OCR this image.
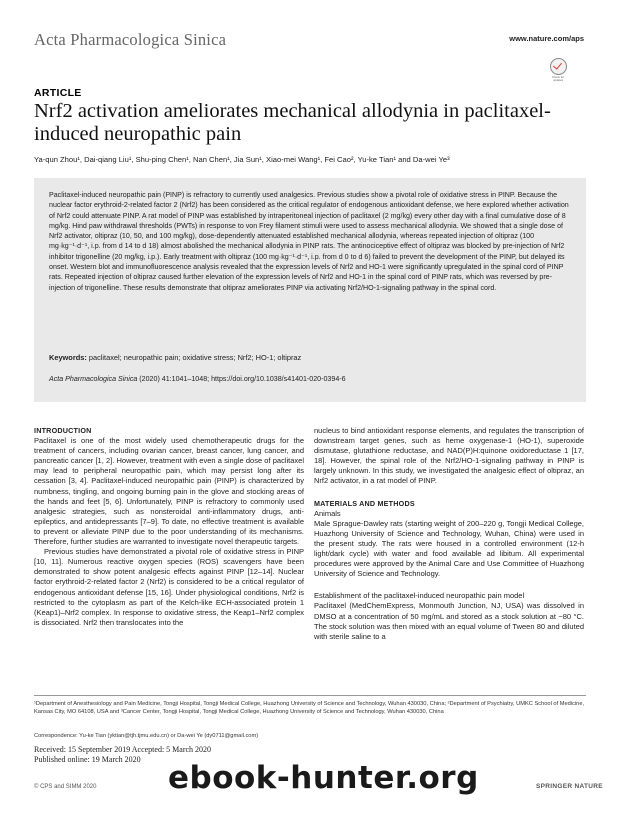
Acta Pharmacologica Sinica	www.nature.com/aps
Check for updates
ARTICLE
Nrf2 activation ameliorates mechanical allodynia in paclitaxel-induced neuropathic pain
Ya-qun Zhou¹, Dai-qiang Liu¹, Shu-ping Chen¹, Nan Chen¹, Jia Sun¹, Xiao-mei Wang¹, Fei Cao², Yu-ke Tian¹ and Da-wei Ye³

Paclitaxel-induced neuropathic pain (PINP) is refractory to currently used analgesics. Previous studies show a pivotal role of oxidative stress in PINP. Because the nuclear factor erythroid-2-related factor 2 (Nrf2) has been considered as the critical regulator of endogenous antioxidant defense, we here explored whether activation of Nrf2 could attenuate PINP. A rat model of PINP was established by intraperitoneal injection of paclitaxel (2 mg/kg) every other day with a final cumulative dose of 8 mg/kg. Hind paw withdrawal thresholds (PWTs) in response to von Frey filament stimuli were used to assess mechanical allodynia. We showed that a single dose of Nrf2 activator, oltipraz (10, 50, and 100 mg/kg), dose-dependently attenuated established mechanical allodynia, whereas repeated injection of oltipraz (100 mg·kg⁻¹·d⁻¹, i.p. from d 14 to d 18) almost abolished the mechanical allodynia in PINP rats. The antinociceptive effect of oltipraz was blocked by pre-injection of Nrf2 inhibitor trigonelline (20 mg/kg, i.p.). Early treatment with oltipraz (100 mg·kg⁻¹·d⁻¹, i.p. from d 0 to d 6) failed to prevent the development of the PINP, but delayed its onset. Western blot and immunofluorescence analysis revealed that the expression levels of Nrf2 and HO-1 were significantly upregulated in the spinal cord of PINP rats. Repeated injection of oltipraz caused further elevation of the expression levels of Nrf2 and HO-1 in the spinal cord of PINP rats, which was reversed by pre-injection of trigonelline. These results demonstrate that oltipraz ameliorates PINP via activating Nrf2/HO-1-signaling pathway in the spinal cord.

Keywords: paclitaxel; neuropathic pain; oxidative stress; Nrf2; HO-1; oltipraz

Acta Pharmacologica Sinica (2020) 41:1041–1048; https://doi.org/10.1038/s41401-020-0394-6

INTRODUCTION

Paclitaxel is one of the most widely used chemotherapeutic drugs for the treatment of cancers, including ovarian cancer, breast cancer, lung cancer, and pancreatic cancer [1, 2]. However, treatment with even a single dose of paclitaxel may lead to peripheral neuropathic pain, which may persist long after its cessation [3, 4]. Paclitaxel-induced neuropathic pain (PINP) is characterized by numbness, tingling, and ongoing burning pain in the glove and stocking areas of the hands and feet [5, 6]. Unfortunately, PINP is refractory to commonly used analgesic strategies, such as nonsteroidal anti-inflammatory drugs, anti-epileptics, and antidepressants [7–9]. To date, no effective treatment is available to prevent or alleviate PINP due to the poor understanding of its mechanisms. Therefore, further studies are warranted to investigate novel therapeutic targets.

Previous studies have demonstrated a pivotal role of oxidative stress in PINP [10, 11]. Numerous reactive oxygen species (ROS) scavengers have been demonstrated to show potent analgesic effects against PINP [12–14]. Nuclear factor erythroid-2-related factor 2 (Nrf2) is considered to be a critical regulator of endogenous antioxidant defense [15, 16]. Under physiological conditions, Nrf2 is restricted to the cytoplasm as part of the Kelch-like ECH-associated protein 1 (Keap1)–Nrf2 complex. In response to oxidative stress, the Keap1–Nrf2 complex is dissociated. Nrf2 then translocates into the

nucleus to bind antioxidant response elements, and regulates the transcription of downstream target genes, such as heme oxygenase-1 (HO-1), superoxide dismutase, glutathione reductase, and NAD(P)H:quinone oxidoreductase 1 [17, 18]. However, the spinal role of the Nrf2/HO-1-signaling pathway in PINP is largely unknown. In this study, we investigated the analgesic effect of oltipraz, an Nrf2 activator, in a rat model of PINP.

MATERIALS AND METHODS

Animals

Male Sprague-Dawley rats (starting weight of 200–220 g, Tongji Medical College, Huazhong University of Science and Technology, Wuhan, China) were used in the present study. The rats were housed in a controlled environment (12-h light/dark cycle) with water and food available ad libitum. All experimental procedures were approved by the Animal Care and Use Committee of Huazhong University of Science and Technology.

Establishment of the paclitaxel-induced neuropathic pain model

Paclitaxel (MedChemExpress, Monmouth Junction, NJ, USA) was dissolved in DMSO at a concentration of 50 mg/mL and stored as a stock solution at −80 °C. The stock solution was then mixed with an equal volume of Tween 80 and diluted with sterile saline to a

¹Department of Anesthesiology and Pain Medicine, Tongji Hospital, Tongji Medical College, Huazhong University of Science and Technology, Wuhan 430030, China; ²Department of Psychiatry, UMKC School of Medicine, Kansas City, MO 64108, USA and ³Cancer Center, Tongji Hospital, Tongji Medical College, Huazhong University of Science and Technology, Wuhan 430030, China

Correspondence: Yu-ke Tian (yktian@tjh.tjmu.edu.cn) or Da-wei Ye (dy0711@gmail.com)

Received: 15 September 2019 Accepted: 5 March 2020
Published online: 19 March 2020

© CPS and SIMM 2020	SPRINGER NATURE
ebook-hunter.org
